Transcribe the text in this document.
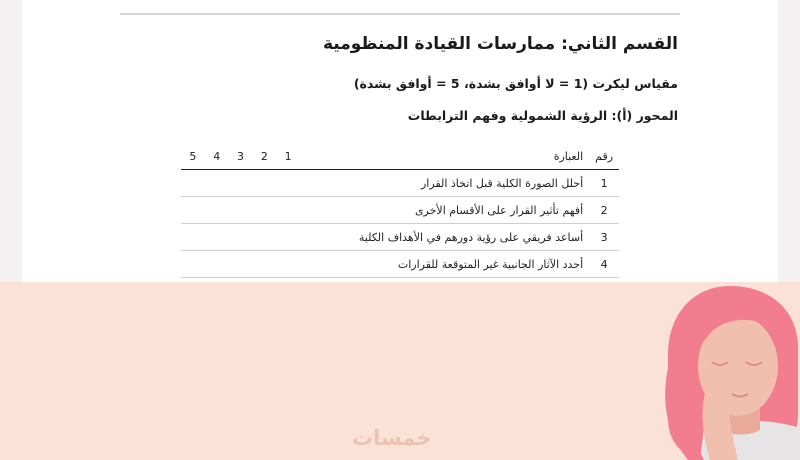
القسم الثاني: ممارسات القيادة المنظومية
مقياس ليكرت (1 = لا أوافق بشدة، 5 = أوافق بشدة)
المحور (أ): الرؤية الشمولية وفهم الترابطات
رقم	العبارة	1	2	3	4	5
1	أحلل الصورة الكلية قبل اتخاذ القرار					
2	أفهم تأثير القرار على الأقسام الأخرى					
3	أساعد فريقي على رؤية دورهم في الأهداف الكلية					
4	أحدد الآثار الجانبية غير المتوقعة للقرارات					
خمسات
